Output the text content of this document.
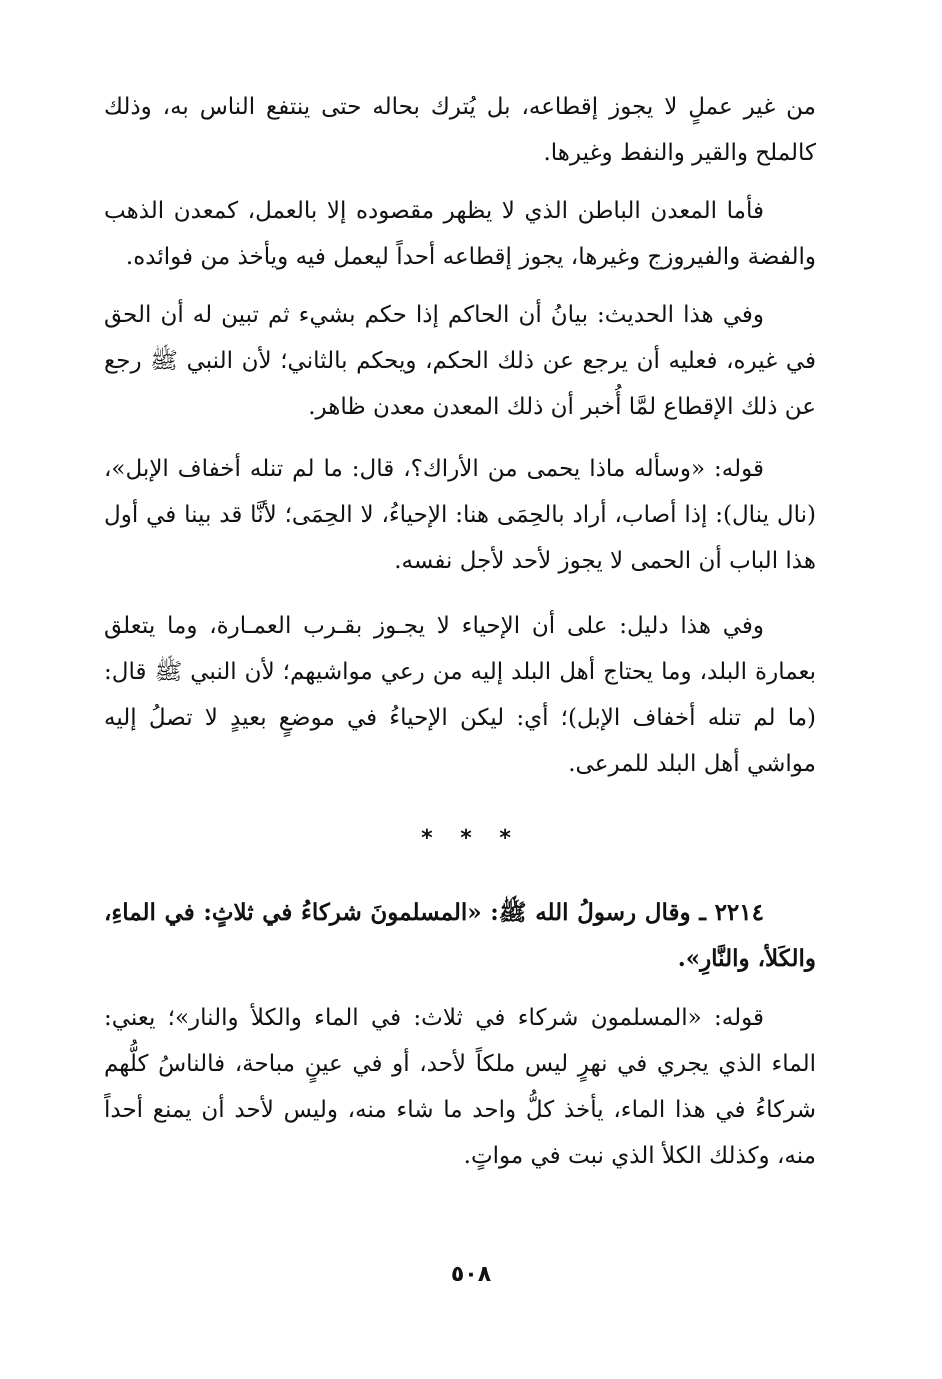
من غير عملٍ لا يجوز إقطاعه، بل يُترك بحاله حتى ينتفع الناس به، وذلك كالملح والقير والنفط وغيرها.

فأما المعدن الباطن الذي لا يظهر مقصوده إلا بالعمل، كمعدن الذهب والفضة والفيروزج وغيرها، يجوز إقطاعه أحداً ليعمل فيه ويأخذ من فوائده.

وفي هذا الحديث: بيانُ أن الحاكم إذا حكم بشيء ثم تبين له أن الحق في غيره، فعليه أن يرجع عن ذلك الحكم، ويحكم بالثاني؛ لأن النبي ﷺ رجع عن ذلك الإقطاع لمَّا أُخبر أن ذلك المعدن معدن ظاهر.

قوله: «وسأله ماذا يحمى من الأراك؟، قال: ما لم تنله أخفاف الإبل»، (نال ينال): إذا أصاب، أراد بالحِمَى هنا: الإحياءُ، لا الحِمَى؛ لأنَّا قد بينا في أول هذا الباب أن الحمى لا يجوز لأحد لأجل نفسه.

وفي هذا دليل: على أن الإحياء لا يجـوز بقـرب العمـارة، وما يتعلق بعمارة البلد، وما يحتاج أهل البلد إليه من رعي مواشيهم؛ لأن النبي ﷺ قال: (ما لم تنله أخفاف الإبل)؛ أي: ليكن الإحياءُ في موضعٍ بعيدٍ لا تصلُ إليه مواشي أهل البلد للمرعى.

* * *

٢٢١٤ ـ وقال رسولُ الله ﷺ: «المسلمونَ شركاءُ في ثلاثٍ: في الماءِ، والكَلأ، والنَّارِ».

قوله: «المسلمون شركاء في ثلاث: في الماء والكلأ والنار»؛ يعني: الماء الذي يجري في نهرٍ ليس ملكاً لأحد، أو في عينٍ مباحة، فالناسُ كلُّهم شركاءُ في هذا الماء، يأخذ كلُّ واحد ما شاء منه، وليس لأحد أن يمنع أحداً منه، وكذلك الكلأ الذي نبت في مواتٍ.

٥٠٨
